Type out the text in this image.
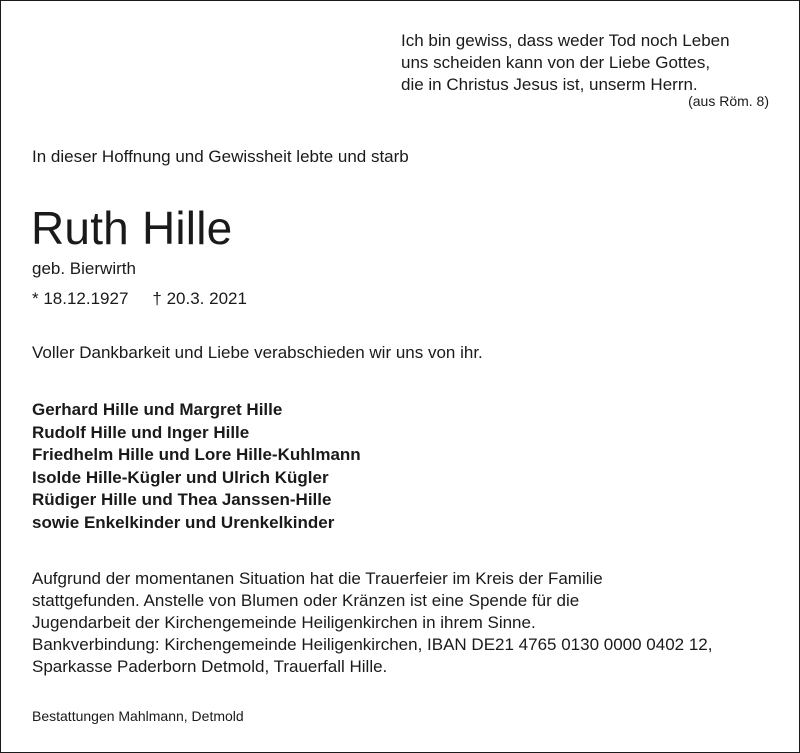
Ich bin gewiss, dass weder Tod noch Leben
uns scheiden kann von der Liebe Gottes,
die in Christus Jesus ist, unserm Herrn.
(aus Röm. 8)
In dieser Hoffnung und Gewissheit lebte und starb
Ruth Hille
geb. Bierwirth
* 18.12.1927 † 20.3. 2021
Voller Dankbarkeit und Liebe verabschieden wir uns von ihr.
Gerhard Hille und Margret Hille
Rudolf Hille und Inger Hille
Friedhelm Hille und Lore Hille-Kuhlmann
Isolde Hille-Kügler und Ulrich Kügler
Rüdiger Hille und Thea Janssen-Hille
sowie Enkelkinder und Urenkelkinder
Aufgrund der momentanen Situation hat die Trauerfeier im Kreis der Familie
stattgefunden. Anstelle von Blumen oder Kränzen ist eine Spende für die
Jugendarbeit der Kirchengemeinde Heiligenkirchen in ihrem Sinne.
Bankverbindung: Kirchengemeinde Heiligenkirchen, IBAN DE21 4765 0130 0000 0402 12,
Sparkasse Paderborn Detmold, Trauerfall Hille.
Bestattungen Mahlmann, Detmold
